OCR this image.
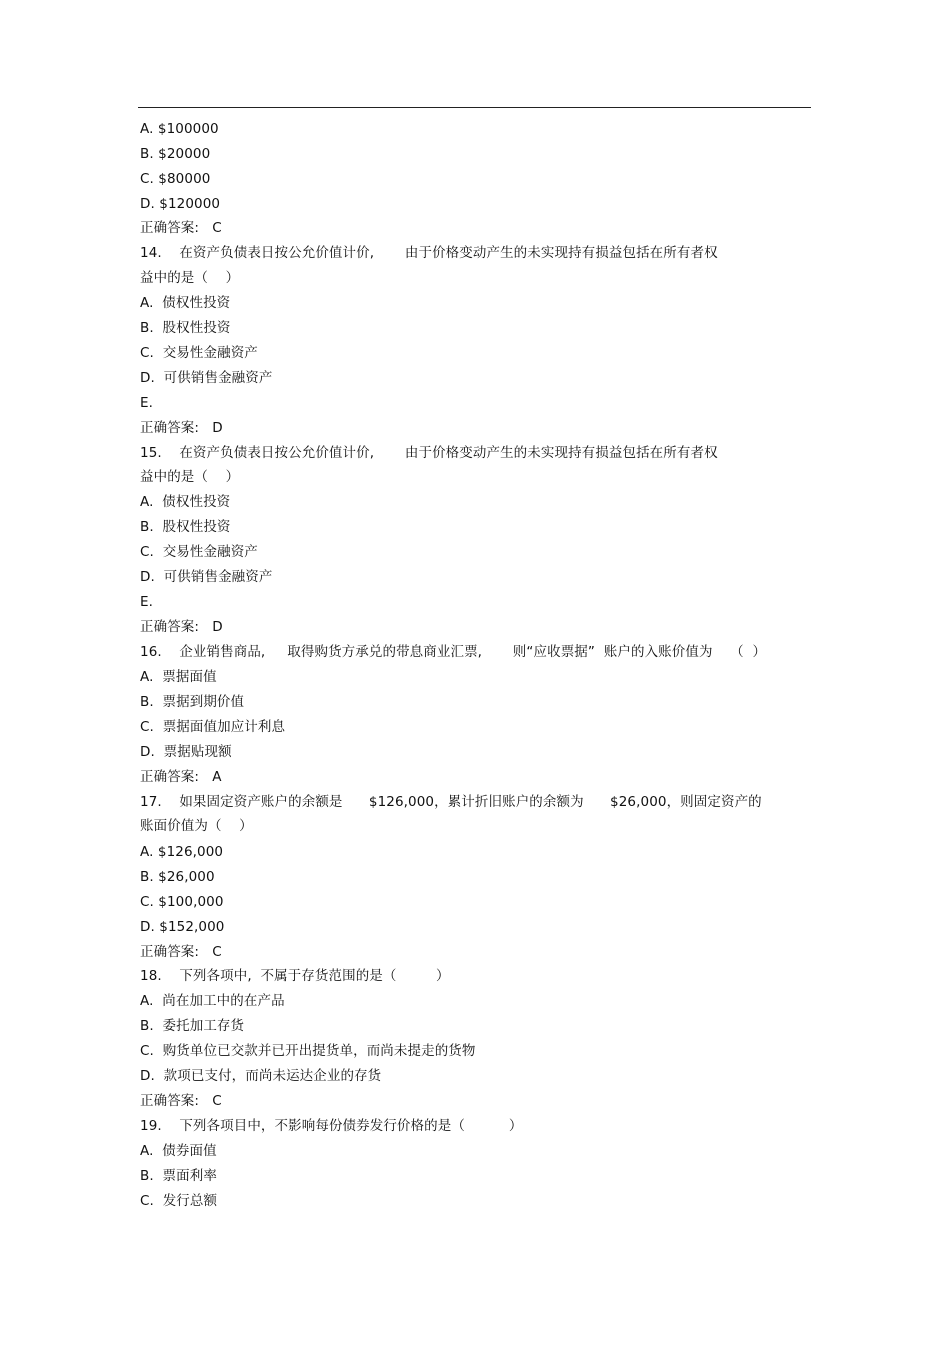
A. $100000
B. $20000
C. $80000
D. $120000
正确答案:   C
14.    在资产负债表日按公允价值计价,       由于价格变动产生的未实现持有损益包括在所有者权
益中的是（    ）
A.  债权性投资
B.  股权性投资
C.  交易性金融资产
D.  可供销售金融资产
E.
正确答案:   D
15.    在资产负债表日按公允价值计价,       由于价格变动产生的未实现持有损益包括在所有者权
益中的是（    ）
A.  债权性投资
B.  股权性投资
C.  交易性金融资产
D.  可供销售金融资产
E.
正确答案:   D
16.    企业销售商品,     取得购货方承兑的带息商业汇票,       则“应收票据”  账户的入账价值为    （  ）
A.  票据面值
B.  票据到期价值
C.  票据面值加应计利息
D.  票据贴现额
正确答案:   A
17.    如果固定资产账户的余额是      $126,000，累计折旧账户的余额为      $26,000，则固定资产的
账面价值为（    ）
A. $126,000
B. $26,000
C. $100,000
D. $152,000
正确答案:   C
18.    下列各项中,  不属于存货范围的是（         ）
A.  尚在加工中的在产品
B.  委托加工存货
C.  购货单位已交款并已开出提货单，而尚未提走的货物
D.  款项已支付，而尚未运达企业的存货
正确答案:   C
19.    下列各项目中，不影响每份债券发行价格的是（          ）
A.  债券面值
B.  票面利率
C.  发行总额
